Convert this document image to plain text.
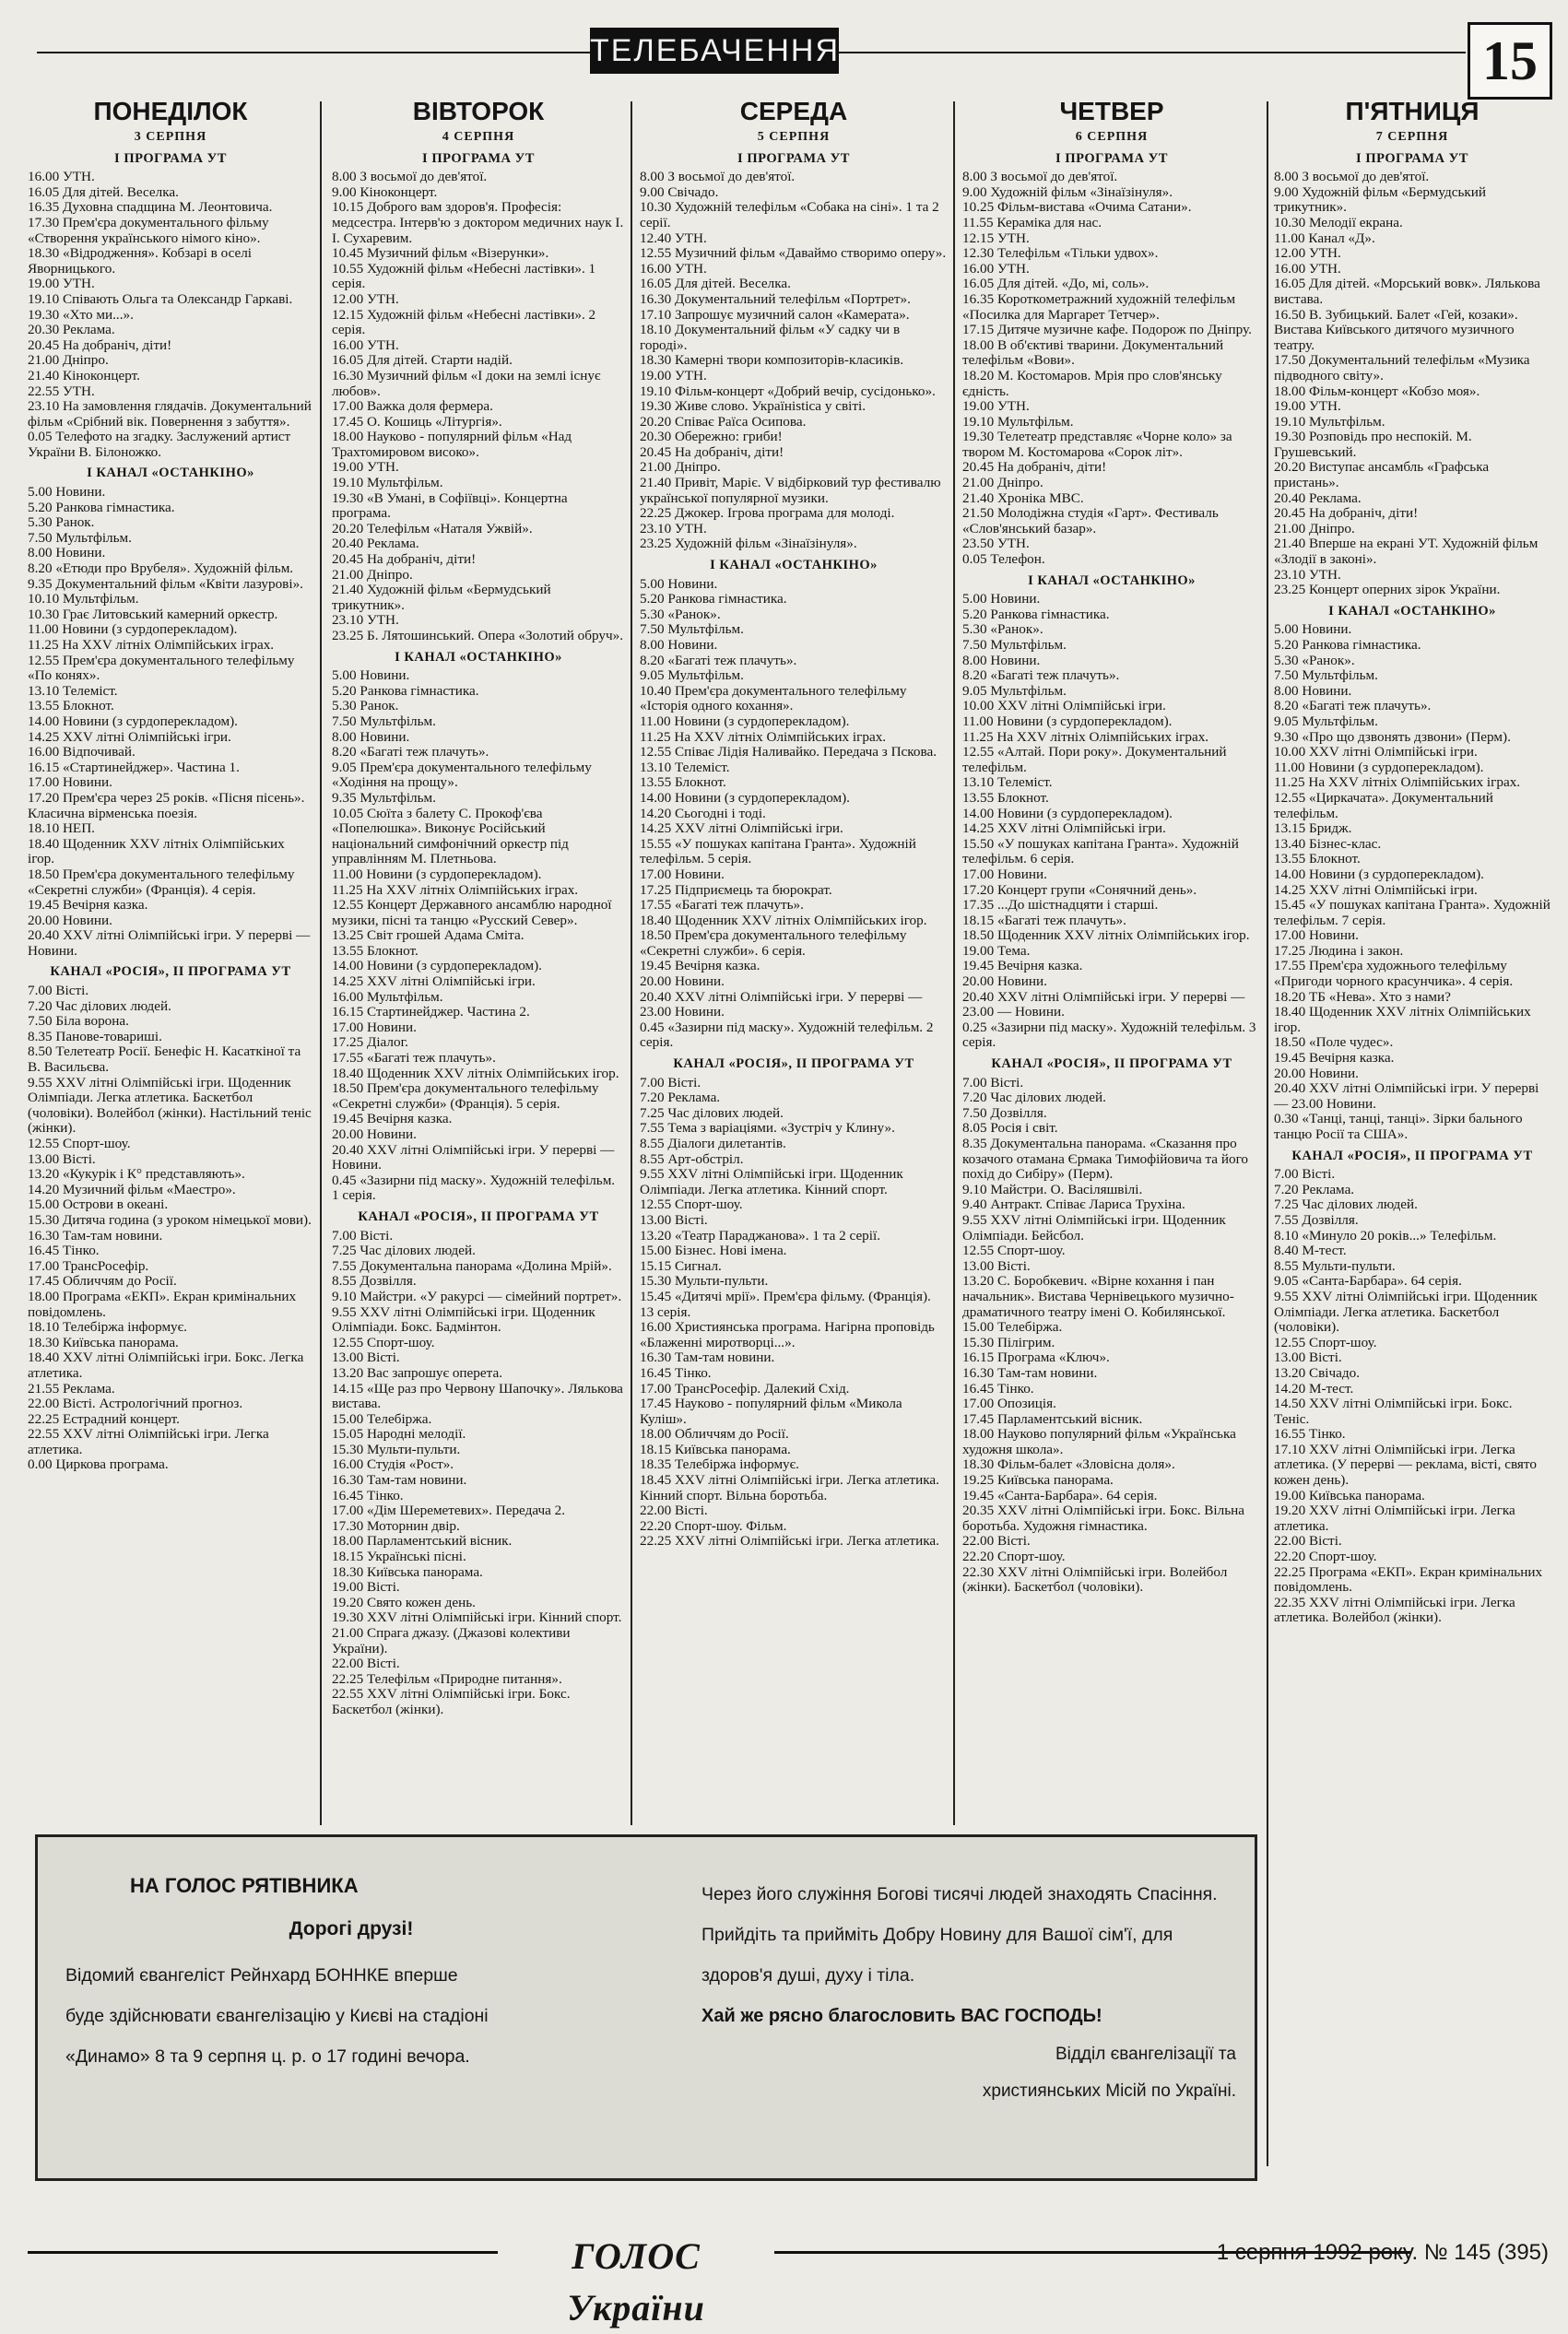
ТЕЛЕБАЧЕННЯ	15
ПОНЕДІЛОК
3 СЕРПНЯ
І ПРОГРАМА УТ

16.00 УТН.

16.05 Для дітей. Веселка.

16.35 Духовна спадщина М. Леонтовича.

17.30 Прем'єра документального фільму «Створення українського німого кіно».

18.30 «Відродження». Кобзарі в оселі Яворницького.

19.00 УТН.

19.10 Співають Ольга та Олександр Гаркаві.

19.30 «Хто ми...».

20.30 Реклама.

20.45 На добраніч, діти!

21.00 Дніпро.

21.40 Кіноконцерт.

22.55 УТН.

23.10 На замовлення глядачів. Документальний фільм «Срібний вік. Повернення з забуття».

0.05 Телефото на згадку. Заслужений артист України В. Білоножко.

І КАНАЛ «ОСТАНКІНО»

5.00 Новини.

5.20 Ранкова гімнастика.

5.30 Ранок.

7.50 Мультфільм.

8.00 Новини.

8.20 «Етюди про Врубеля». Художній фільм.

9.35 Документальний фільм «Квіти лазурові».

10.10 Мультфільм.

10.30 Грає Литовський камерний оркестр.

11.00 Новини (з сурдоперекладом).

11.25 На XXV літніх Олімпійських іграх.

12.55 Прем'єра документального телефільму «По конях».

13.10 Телеміст.

13.55 Блокнот.

14.00 Новини (з сурдоперекладом).

14.25 XXV літні Олімпійські ігри.

16.00 Відпочивай.

16.15 «Стартинейджер». Частина 1.

17.00 Новини.

17.20 Прем'єра через 25 років. «Пісня пісень». Класична вірменська поезія.

18.10 НЕП.

18.40 Щоденник XXV літніх Олімпійських ігор.

18.50 Прем'єра документального телефільму «Секретні служби» (Франція). 4 серія.

19.45 Вечірня казка.

20.00 Новини.

20.40 XXV літні Олімпійські ігри. У перерві — Новини.

КАНАЛ «РОСІЯ», ІІ ПРОГРАМА УТ

7.00 Вісті.

7.20 Час ділових людей.

7.50 Біла ворона.

8.35 Панове-товариші.

8.50 Телетеатр Росії. Бенефіс Н. Касаткіної та В. Васильєва.

9.55 XXV літні Олімпійські ігри. Щоденник Олімпіади. Легка атлетика. Баскетбол (чоловіки). Волейбол (жінки). Настільний теніс (жінки).

12.55 Спорт-шоу.

13.00 Вісті.

13.20 «Кукурік і К° представляють».

14.20 Музичний фільм «Маестро».

15.00 Острови в океані.

15.30 Дитяча година (з уроком німецької мови).

16.30 Там-там новини.

16.45 Тінко.

17.00 ТрансРосефір.

17.45 Обличчям до Росії.

18.00 Програма «ЕКП». Екран кримінальних повідомлень.

18.10 Телебіржа інформує.

18.30 Київська панорама.

18.40 XXV літні Олімпійські ігри. Бокс. Легка атлетика.

21.55 Реклама.

22.00 Вісті. Астрологічний прогноз.

22.25 Естрадний концерт.

22.55 XXV літні Олімпійські ігри. Легка атлетика.

0.00 Циркова програма.

ВІВТОРОК
4 СЕРПНЯ
І ПРОГРАМА УТ

8.00 З восьмої до дев'ятої.

9.00 Кіноконцерт.

10.15 Доброго вам здоров'я. Професія: медсестра. Інтерв'ю з доктором медичних наук І. І. Сухаревим.

10.45 Музичний фільм «Візерунки».

10.55 Художній фільм «Небесні ластівки». 1 серія.

12.00 УТН.

12.15 Художній фільм «Небесні ластівки». 2 серія.

16.00 УТН.

16.05 Для дітей. Старти надій.

16.30 Музичний фільм «І доки на землі існує любов».

17.00 Важка доля фермера.

17.45 О. Кошиць «Літургія».

18.00 Науково - популярний фільм «Над Трахтомировом високо».

19.00 УТН.

19.10 Мультфільм.

19.30 «В Умані, в Софіївці». Концертна програма.

20.20 Телефільм «Наталя Ужвій».

20.40 Реклама.

20.45 На добраніч, діти!

21.00 Дніпро.

21.40 Художній фільм «Бермудський трикутник».

23.10 УТН.

23.25 Б. Лятошинський. Опера «Золотий обруч».

І КАНАЛ «ОСТАНКІНО»

5.00 Новини.

5.20 Ранкова гімнастика.

5.30 Ранок.

7.50 Мультфільм.

8.00 Новини.

8.20 «Багаті теж плачуть».

9.05 Прем'єра документального телефільму «Ходіння на прощу».

9.35 Мультфільм.

10.05 Сюїта з балету С. Прокоф'єва «Попелюшка». Виконує Російський національний симфонічний оркестр під управлінням М. Плетньова.

11.00 Новини (з сурдоперекладом).

11.25 На XXV літніх Олімпійських іграх.

12.55 Концерт Державного ансамблю народної музики, пісні та танцю «Русский Север».

13.25 Світ грошей Адама Сміта.

13.55 Блокнот.

14.00 Новини (з сурдоперекладом).

14.25 XXV літні Олімпійські ігри.

16.00 Мультфільм.

16.15 Стартинейджер. Частина 2.

17.00 Новини.

17.25 Діалог.

17.55 «Багаті теж плачуть».

18.40 Щоденник XXV літніх Олімпійських ігор.

18.50 Прем'єра документального телефільму «Секретні служби» (Франція). 5 серія.

19.45 Вечірня казка.

20.00 Новини.

20.40 XXV літні Олімпійські ігри. У перерві — Новини.

0.45 «Зазирни під маску». Художній телефільм. 1 серія.

КАНАЛ «РОСІЯ», ІІ ПРОГРАМА УТ

7.00 Вісті.

7.25 Час ділових людей.

7.55 Документальна панорама «Долина Мрій».

8.55 Дозвілля.

9.10 Майстри. «У ракурсі — сімейний портрет».

9.55 XXV літні Олімпійські ігри. Щоденник Олімпіади. Бокс. Бадмінтон.

12.55 Спорт-шоу.

13.00 Вісті.

13.20 Вас запрошує оперета.

14.15 «Ще раз про Червону Шапочку». Лялькова вистава.

15.00 Телебіржа.

15.05 Народні мелодії.

15.30 Мульти-пульти.

16.00 Студія «Рост».

16.30 Там-там новини.

16.45 Тінко.

17.00 «Дім Шереметевих». Передача 2.

17.30 Моторнин двір.

18.00 Парламентський вісник.

18.15 Українські пісні.

18.30 Київська панорама.

19.00 Вісті.

19.20 Свято кожен день.

19.30 XXV літні Олімпійські ігри. Кінний спорт.

21.00 Спрага джазу. (Джазові колективи України).

22.00 Вісті.

22.25 Телефільм «Природне питання».

22.55 XXV літні Олімпійські ігри. Бокс. Баскетбол (жінки).

СЕРЕДА
5 СЕРПНЯ
І ПРОГРАМА УТ

8.00 З восьмої до дев'ятої.

9.00 Свічадо.

10.30 Художній телефільм «Собака на сіні». 1 та 2 серії.

12.40 УТН.

12.55 Музичний фільм «Даваймо створимо оперу».

16.00 УТН.

16.05 Для дітей. Веселка.

16.30 Документальний телефільм «Портрет».

17.10 Запрошує музичний салон «Камерата».

18.10 Документальний фільм «У садку чи в городі».

18.30 Камерні твори композиторів-класиків.

19.00 УТН.

19.10 Фільм-концерт «Добрий вечір, сусідонько».

19.30 Живе слово. Українistica у світі.

20.20 Співає Раїса Осипова.

20.30 Обережно: гриби!

20.45 На добраніч, діти!

21.00 Дніпро.

21.40 Привіт, Маріє. V відбірковий тур фестивалю української популярної музики.

22.25 Джокер. Ігрова програма для молоді.

23.10 УТН.

23.25 Художній фільм «Зінаїзінуля».

І КАНАЛ «ОСТАНКІНО»

5.00 Новини.

5.20 Ранкова гімнастика.

5.30 «Ранок».

7.50 Мультфільм.

8.00 Новини.

8.20 «Багаті теж плачуть».

9.05 Мультфільм.

10.40 Прем'єра документального телефільму «Історія одного кохання».

11.00 Новини (з сурдоперекладом).

11.25 На XXV літніх Олімпійських іграх.

12.55 Співає Лідія Наливайко. Передача з Пскова.

13.10 Телеміст.

13.55 Блокнот.

14.00 Новини (з сурдоперекладом).

14.20 Сьогодні і тоді.

14.25 XXV літні Олімпійські ігри.

15.55 «У пошуках капітана Гранта». Художній телефільм. 5 серія.

17.00 Новини.

17.25 Підприємець та бюрократ.

17.55 «Багаті теж плачуть».

18.40 Щоденник XXV літніх Олімпійських ігор.

18.50 Прем'єра документального телефільму «Секретні служби». 6 серія.

19.45 Вечірня казка.

20.00 Новини.

20.40 XXV літні Олімпійські ігри. У перерві — 23.00 Новини.

0.45 «Зазирни під маску». Художній телефільм. 2 серія.

КАНАЛ «РОСІЯ», ІІ ПРОГРАМА УТ

7.00 Вісті.

7.20 Реклама.

7.25 Час ділових людей.

7.55 Тема з варіаціями. «Зустріч у Клину».

8.55 Діалоги дилетантів.

8.55 Арт-обстріл.

9.55 XXV літні Олімпійські ігри. Щоденник Олімпіади. Легка атлетика. Кінний спорт.

12.55 Спорт-шоу.

13.00 Вісті.

13.20 «Театр Параджанова». 1 та 2 серії.

15.00 Бізнес. Нові імена.

15.15 Сигнал.

15.30 Мульти-пульти.

15.45 «Дитячі мрії». Прем'єра фільму. (Франція). 13 серія.

16.00 Християнська програма. Нагірна проповідь «Блаженні миротворці...».

16.30 Там-там новини.

16.45 Тінко.

17.00 ТрансРосефір. Далекий Схід.

17.45 Науково - популярний фільм «Микола Куліш».

18.00 Обличчям до Росії.

18.15 Київська панорама.

18.35 Телебіржа інформує.

18.45 XXV літні Олімпійські ігри. Легка атлетика. Кінний спорт. Вільна боротьба.

22.00 Вісті.

22.20 Спорт-шоу. Фільм.

22.25 XXV літні Олімпійські ігри. Легка атлетика.

ЧЕТВЕР
6 СЕРПНЯ
І ПРОГРАМА УТ

8.00 З восьмої до дев'ятої.

9.00 Художній фільм «Зінаїзінуля».

10.25 Фільм-вистава «Очима Сатани».

11.55 Кераміка для нас.

12.15 УТН.

12.30 Телефільм «Тільки удвох».

16.00 УТН.

16.05 Для дітей. «До, мі, соль».

16.35 Короткометражний художній телефільм «Посилка для Маргарет Тетчер».

17.15 Дитяче музичне кафе. Подорож по Дніпру.

18.00 В об'єктиві тварини. Документальний телефільм «Вови».

18.20 М. Костомаров. Мрія про слов'янську єдність.

19.00 УТН.

19.10 Мультфільм.

19.30 Телетеатр представляє «Чорне коло» за твором М. Костомарова «Сорок літ».

20.45 На добраніч, діти!

21.00 Дніпро.

21.40 Хроніка МВС.

21.50 Молодіжна студія «Гарт». Фестиваль «Слов'янський базар».

23.50 УТН.

0.05 Телефон.

І КАНАЛ «ОСТАНКІНО»

5.00 Новини.

5.20 Ранкова гімнастика.

5.30 «Ранок».

7.50 Мультфільм.

8.00 Новини.

8.20 «Багаті теж плачуть».

9.05 Мультфільм.

10.00 XXV літні Олімпійські ігри.

11.00 Новини (з сурдоперекладом).

11.25 На XXV літніх Олімпійських іграх.

12.55 «Алтай. Пори року». Документальний телефільм.

13.10 Телеміст.

13.55 Блокнот.

14.00 Новини (з сурдоперекладом).

14.25 XXV літні Олімпійські ігри.

15.50 «У пошуках капітана Гранта». Художній телефільм. 6 серія.

17.00 Новини.

17.20 Концерт групи «Сонячний день».

17.35 ...До шістнадцяти і старші.

18.15 «Багаті теж плачуть».

18.50 Щоденник XXV літніх Олімпійських ігор.

19.00 Тема.

19.45 Вечірня казка.

20.00 Новини.

20.40 XXV літні Олімпійські ігри. У перерві — 23.00 — Новини.

0.25 «Зазирни під маску». Художній телефільм. 3 серія.

КАНАЛ «РОСІЯ», ІІ ПРОГРАМА УТ

7.00 Вісті.

7.20 Час ділових людей.

7.50 Дозвілля.

8.05 Росія і світ.

8.35 Документальна панорама. «Сказання про козачого отамана Єрмака Тимофійовича та його похід до Сибіру» (Перм).

9.10 Майстри. О. Васіляшвілі.

9.40 Антракт. Співає Лариса Трухіна.

9.55 XXV літні Олімпійські ігри. Щоденник Олімпіади. Бейсбол.

12.55 Спорт-шоу.

13.00 Вісті.

13.20 С. Боробкевич. «Вірне кохання і пан начальник». Вистава Чернівецького музично-драматичного театру імені О. Кобилянської.

15.00 Телебіржа.

15.30 Пілігрим.

16.15 Програма «Ключ».

16.30 Там-там новини.

16.45 Тінко.

17.00 Опозиція.

17.45 Парламентський вісник.

18.00 Науково популярний фільм «Українська художня школа».

18.30 Фільм-балет «Зловісна доля».

19.25 Київська панорама.

19.45 «Санта-Барбара». 64 серія.

20.35 XXV літні Олімпійські ігри. Бокс. Вільна боротьба. Художня гімнастика.

22.00 Вісті.

22.20 Спорт-шоу.

22.30 XXV літні Олімпійські ігри. Волейбол (жінки). Баскетбол (чоловіки).

П'ЯТНИЦЯ
7 СЕРПНЯ
І ПРОГРАМА УТ

8.00 З восьмої до дев'ятої.

9.00 Художній фільм «Бермудський трикутник».

10.30 Мелодії екрана.

11.00 Канал «Д».

12.00 УТН.

16.00 УТН.

16.05 Для дітей. «Морський вовк». Лялькова вистава.

16.50 В. Зубицький. Балет «Гей, козаки». Вистава Київського дитячого музичного театру.

17.50 Документальний телефільм «Музика підводного світу».

18.00 Фільм-концерт «Кобзо моя».

19.00 УТН.

19.10 Мультфільм.

19.30 Розповідь про неспокій. М. Грушевський.

20.20 Виступає ансамбль «Графська пристань».

20.40 Реклама.

20.45 На добраніч, діти!

21.00 Дніпро.

21.40 Вперше на екрані УТ. Художній фільм «Злодії в законі».

23.10 УТН.

23.25 Концерт оперних зірок України.

І КАНАЛ «ОСТАНКІНО»

5.00 Новини.

5.20 Ранкова гімнастика.

5.30 «Ранок».

7.50 Мультфільм.

8.00 Новини.

8.20 «Багаті теж плачуть».

9.05 Мультфільм.

9.30 «Про що дзвонять дзвони» (Перм).

10.00 XXV літні Олімпійські ігри.

11.00 Новини (з сурдоперекладом).

11.25 На XXV літніх Олімпійських іграх.

12.55 «Циркачата». Документальний телефільм.

13.15 Бридж.

13.40 Бізнес-клас.

13.55 Блокнот.

14.00 Новини (з сурдоперекладом).

14.25 XXV літні Олімпійські ігри.

15.45 «У пошуках капітана Гранта». Художній телефільм. 7 серія.

17.00 Новини.

17.25 Людина і закон.

17.55 Прем'єра художнього телефільму «Пригоди чорного красунчика». 4 серія.

18.20 ТБ «Нева». Хто з нами?

18.40 Щоденник XXV літніх Олімпійських ігор.

18.50 «Поле чудес».

19.45 Вечірня казка.

20.00 Новини.

20.40 XXV літні Олімпійські ігри. У перерві — 23.00 Новини.

0.30 «Танці, танці, танці». Зірки бального танцю Росії та США».

КАНАЛ «РОСІЯ», ІІ ПРОГРАМА УТ

7.00 Вісті.

7.20 Реклама.

7.25 Час ділових людей.

7.55 Дозвілля.

8.10 «Минуло 20 років...» Телефільм.

8.40 М-тест.

8.55 Мульти-пульти.

9.05 «Санта-Барбара». 64 серія.

9.55 XXV літні Олімпійські ігри. Щоденник Олімпіади. Легка атлетика. Баскетбол (чоловіки).

12.55 Спорт-шоу.

13.00 Вісті.

13.20 Свічадо.

14.20 М-тест.

14.50 XXV літні Олімпійські ігри. Бокс. Теніс.

16.55 Тінко.

17.10 XXV літні Олімпійські ігри. Легка атлетика. (У перерві — реклама, вісті, свято кожен день).

19.00 Київська панорама.

19.20 XXV літні Олімпійські ігри. Легка атлетика.

22.00 Вісті.

22.20 Спорт-шоу.

22.25 Програма «ЕКП». Екран кримінальних повідомлень.

22.35 XXV літні Олімпійські ігри. Легка атлетика. Волейбол (жінки).

НА ГОЛОС РЯТІВНИКА

Дорогі друзі!

Відомий євангеліст Рейнхард БОННКЕ вперше

буде здійснювати євангелізацію у Києві на стадіоні

«Динамо» 8 та 9 серпня ц. р. о 17 годині вечора.

Через його служіння Богові тисячі людей знаходять Спасіння.

Прийдіть та прийміть Добру Новину для Вашої сім'ї, для здоров'я душі, духу і тіла.

Хай же рясно благословить ВАС ГОСПОДЬ!

Відділ євангелізації та

християнських Місій по Україні.

ГОЛОС України
1 серпня 1992 року. № 145 (395)
